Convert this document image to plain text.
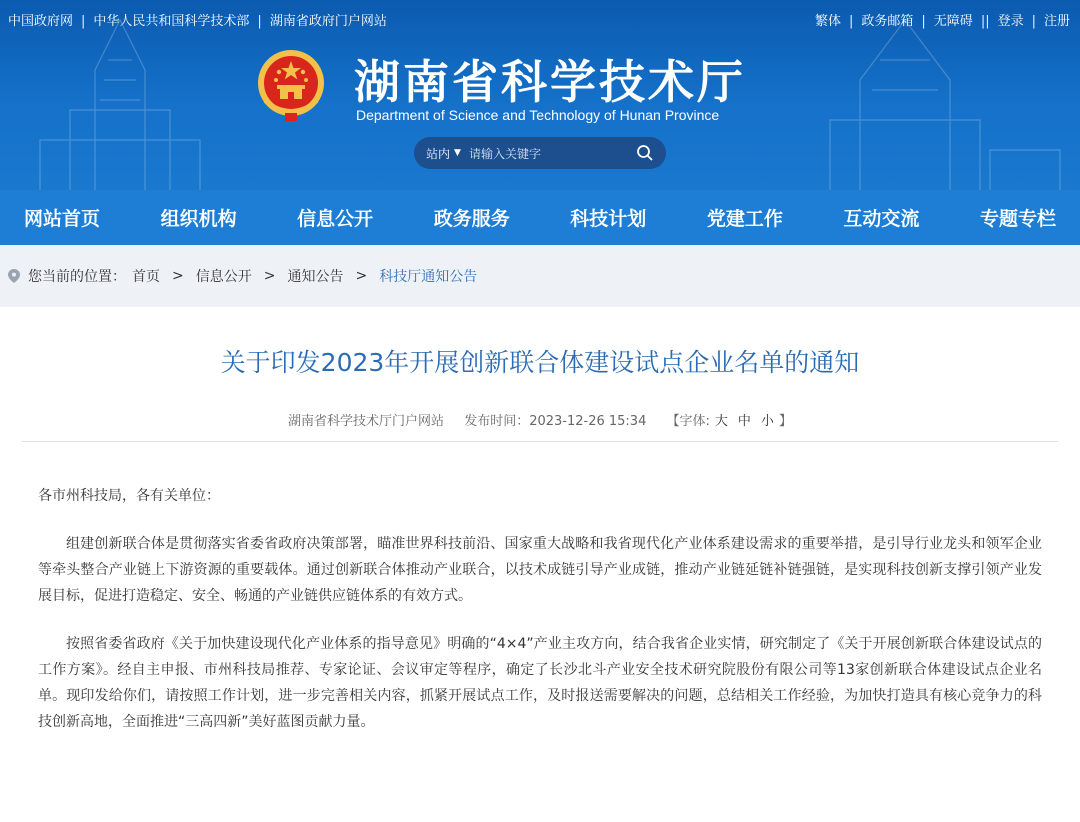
中国政府网 | 中华人民共和国科学技术部 | 湖南省政府门户网站	繁体 | 政务邮箱 | 无障碍 || 登录 | 注册
湖南省科学技术厅
Department of Science and Technology of Hunan Province
站内 ▼ 请输入关键字
网站首页	组织机构	信息公开	政务服务	科技计划	党建工作	互动交流	专题专栏
您当前的位置： 首页 > 信息公开 > 通知公告 > 科技厅通知公告
关于印发2023年开展创新联合体建设试点企业名单的通知
湖南省科学技术厅门户网站 发布时间：2023-12-26 15:34 【字体: 大 中 小 】

各市州科技局，各有关单位：

组建创新联合体是贯彻落实省委省政府决策部署，瞄准世界科技前沿、国家重大战略和我省现代化产业体系建设需求的重要举措，是引导行业龙头和领军企业等牵头整合产业链上下游资源的重要载体。通过创新联合体推动产业联合，以技术成链引导产业成链，推动产业链延链补链强链，是实现科技创新支撑引领产业发展目标，促进打造稳定、安全、畅通的产业链供应链体系的有效方式。

按照省委省政府《关于加快建设现代化产业体系的指导意见》明确的“4×4”产业主攻方向，结合我省企业实情，研究制定了《关于开展创新联合体建设试点的工作方案》。经自主申报、市州科技局推荐、专家论证、会议审定等程序，确定了长沙北斗产业安全技术研究院股份有限公司等13家创新联合体建设试点企业名单。现印发给你们，请按照工作计划，进一步完善相关内容，抓紧开展试点工作，及时报送需要解决的问题，总结相关工作经验，为加快打造具有核心竞争力的科技创新高地，全面推进“三高四新”美好蓝图贡献力量。
